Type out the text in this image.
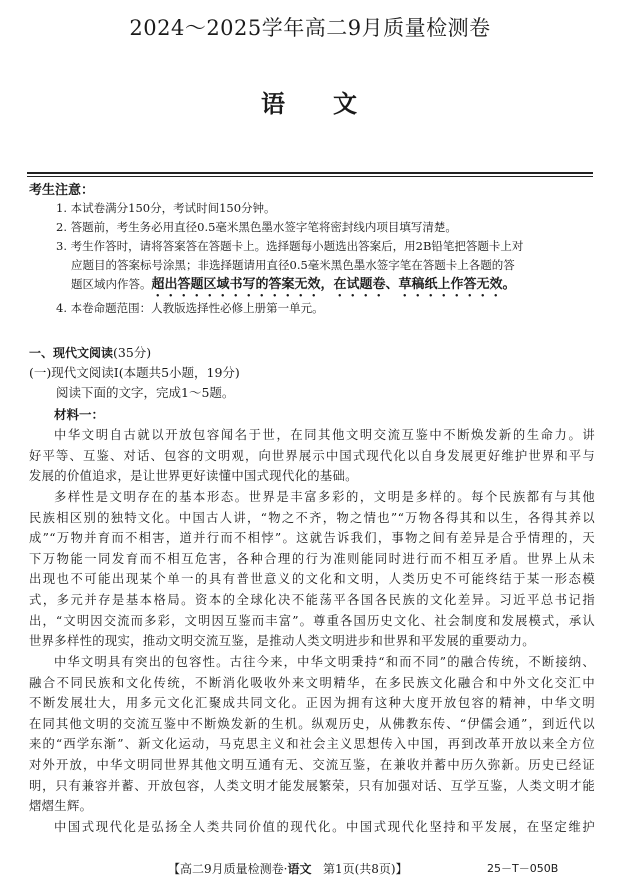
2024～2025学年高二9月质量检测卷
语 文
考生注意：
1. 本试卷满分150分，考试时间150分钟。
2. 答题前，考生务必用直径0.5毫米黑色墨水签字笔将密封线内项目填写清楚。
3. 考生作答时，请将答案答在答题卡上。选择题每小题选出答案后，用2B铅笔把答题卡上对
应题目的答案标号涂黑；非选择题请用直径0.5毫米黑色墨水签字笔在答题卡上各题的答
题区域内作答。超出答题区域书写的答案无效，在试题卷、草稿纸上作答无效。
4. 本卷命题范围：人教版选择性必修上册第一单元。
一、现代文阅读(35分)
(一)现代文阅读Ⅰ(本题共5小题，19分)
阅读下面的文字，完成1～5题。
材料一：
中华文明自古就以开放包容闻名于世，在同其他文明交流互鉴中不断焕发新的生命力。讲
好平等、互鉴、对话、包容的文明观，向世界展示中国式现代化以自身发展更好维护世界和平与
发展的价值追求，是让世界更好读懂中国式现代化的基础。
多样性是文明存在的基本形态。世界是丰富多彩的，文明是多样的。每个民族都有与其他
民族相区别的独特文化。中国古人讲，“物之不齐，物之情也”“万物各得其和以生，各得其养以
成”“万物并育而不相害，道并行而不相悖”。这就告诉我们，事物之间有差异是合乎情理的，天
下万物能一同发育而不相互危害，各种合理的行为准则能同时进行而不相互矛盾。世界上从未
出现也不可能出现某个单一的具有普世意义的文化和文明，人类历史不可能终结于某一形态模
式，多元并存是基本格局。资本的全球化决不能荡平各国各民族的文化差异。习近平总书记指
出，“文明因交流而多彩，文明因互鉴而丰富”。尊重各国历史文化、社会制度和发展模式，承认
世界多样性的现实，推动文明交流互鉴，是推动人类文明进步和世界和平发展的重要动力。
中华文明具有突出的包容性。古往今来，中华文明秉持“和而不同”的融合传统，不断接纳、
融合不同民族和文化传统，不断消化吸收外来文明精华，在多民族文化融合和中外文化交汇中
不断发展壮大，用多元文化汇聚成共同文化。正因为拥有这种大度开放包容的精神，中华文明
在同其他文明的交流互鉴中不断焕发新的生机。纵观历史，从佛教东传、“伊儒会通”，到近代以
来的“西学东渐”、新文化运动，马克思主义和社会主义思想传入中国，再到改革开放以来全方位
对外开放，中华文明同世界其他文明互通有无、交流互鉴，在兼收并蓄中历久弥新。历史已经证
明，只有兼容并蓄、开放包容，人类文明才能发展繁荣，只有加强对话、互学互鉴，人类文明才能
熠熠生辉。
中国式现代化是弘扬全人类共同价值的现代化。中国式现代化坚持和平发展，在坚定维护
【高二9月质量检测卷·语文 第1页(共8页)】	25－T－050B
